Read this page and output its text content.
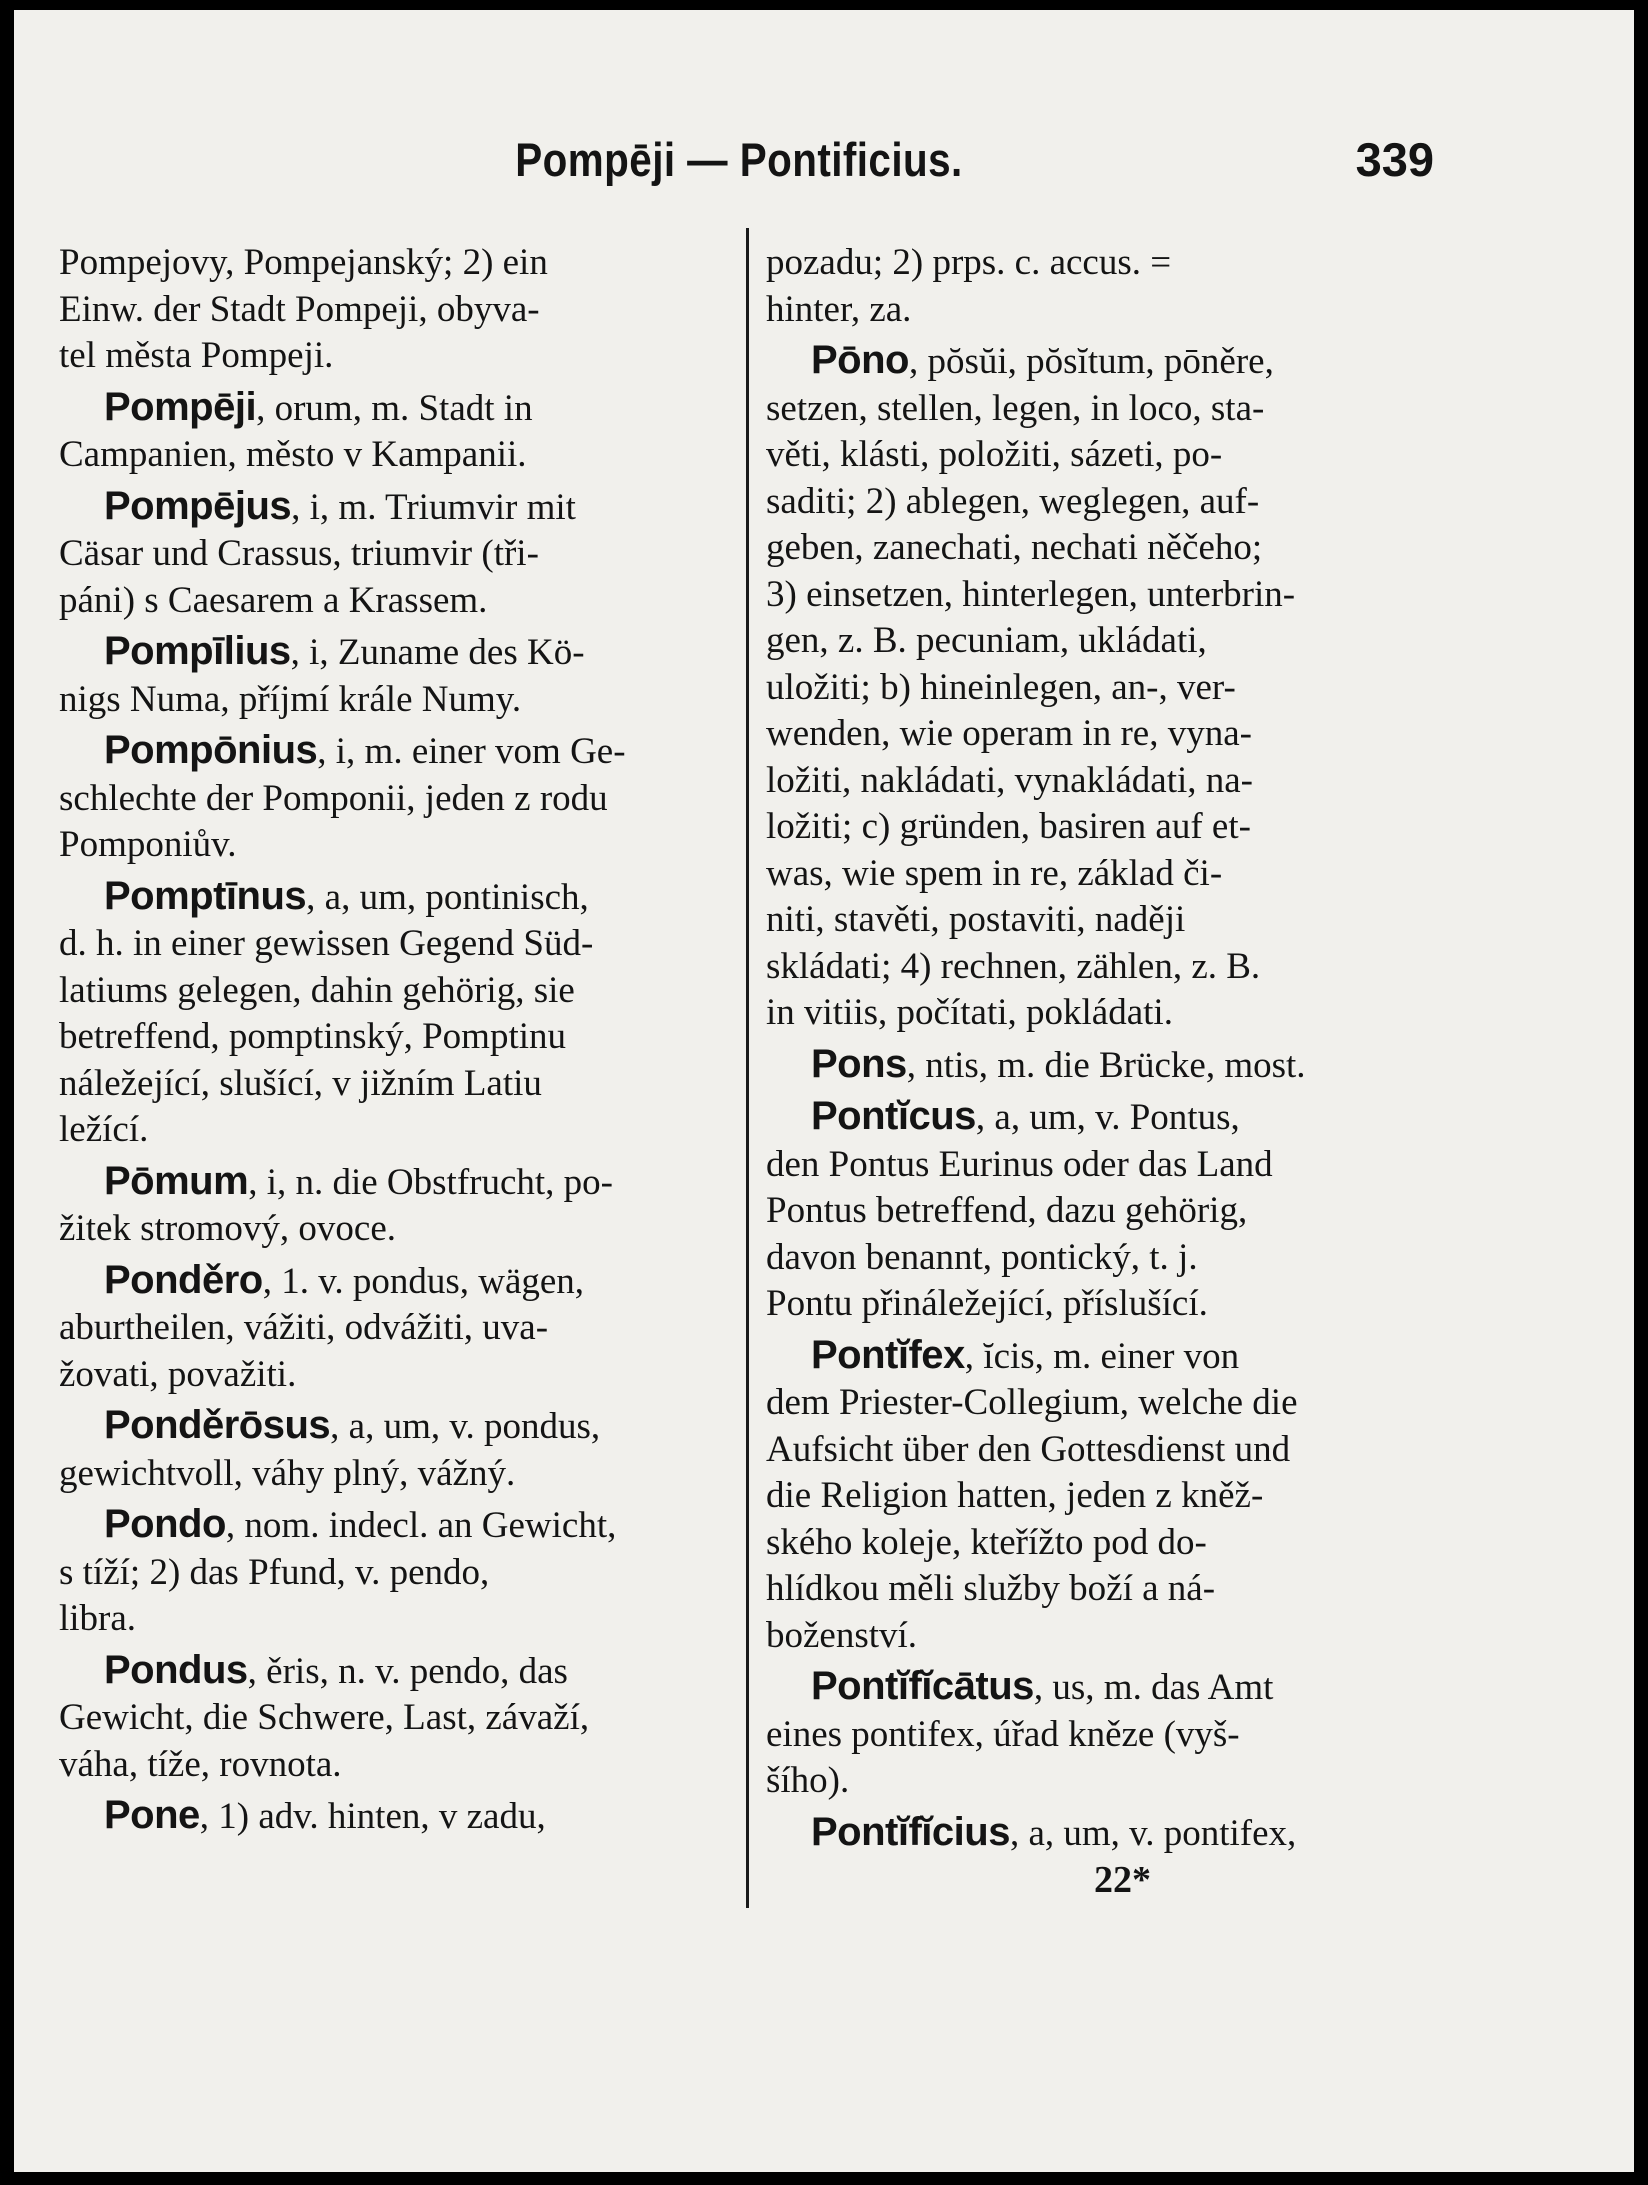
Pompēji — Pontificius.	339

Pompejovy, Pompejanský; 2) ein

Einw. der Stadt Pompeji, obyva-

tel města Pompeji.

Pompēji, orum, m. Stadt in

Campanien, město v Kampanii.

Pompējus, i, m. Triumvir mit

Cäsar und Crassus, triumvir (tři-

páni) s Caesarem a Krassem.

Pompīlius, i, Zuname des Kö-

nigs Numa, příjmí krále Numy.

Pompōnius, i, m. einer vom Ge-

schlechte der Pomponii, jeden z rodu

Pomponiův.

Pomptīnus, a, um, pontinisch,

d. h. in einer gewissen Gegend Süd-

latiums gelegen, dahin gehörig, sie

betreffend, pomptinský, Pomptinu

náležející, slušící, v jižním Latiu

ležící.

Pōmum, i, n. die Obstfrucht, po-

žitek stromový, ovoce.

Ponděro, 1. v. pondus, wägen,

aburtheilen, vážiti, odvážiti, uva-

žovati, považiti.

Ponděrōsus, a, um, v. pondus,

gewichtvoll, váhy plný, vážný.

Pondo, nom. indecl. an Gewicht,

s tíží; 2) das Pfund, v. pendo,

libra.

Pondus, ěris, n. v. pendo, das

Gewicht, die Schwere, Last, závaží,

váha, tíže, rovnota.

Pone, 1) adv. hinten, v zadu,

pozadu; 2) prps. c. accus. =

hinter, za.

Pōno, pŏsŭi, pŏsĭtum, pōněre,

setzen, stellen, legen, in loco, sta-

věti, klásti, položiti, sázeti, po-

saditi; 2) ablegen, weglegen, auf-

geben, zanechati, nechati něčeho;

3) einsetzen, hinterlegen, unterbrin-

gen, z. B. pecuniam, ukládati,

uložiti; b) hineinlegen, an-, ver-

wenden, wie operam in re, vyna-

ložiti, nakládati, vynakládati, na-

ložiti; c) gründen, basiren auf et-

was, wie spem in re, základ či-

niti, stavěti, postaviti, naději

skládati; 4) rechnen, zählen, z. B.

in vitiis, počítati, pokládati.

Pons, ntis, m. die Brücke, most.

Pontĭcus, a, um, v. Pontus,

den Pontus Eurinus oder das Land

Pontus betreffend, dazu gehörig,

davon benannt, pontický, t. j.

Pontu přináležející, příslušící.

Pontĭfex, ĭcis, m. einer von

dem Priester-Collegium, welche die

Aufsicht über den Gottesdienst und

die Religion hatten, jeden z kněž-

ského koleje, kteřížto pod do-

hlídkou měli služby boží a ná-

boženství.

Pontĭfĭcātus, us, m. das Amt

eines pontifex, úřad kněze (vyš-

šího).

Pontĭfĭcius, a, um, v. pontifex,

22*
